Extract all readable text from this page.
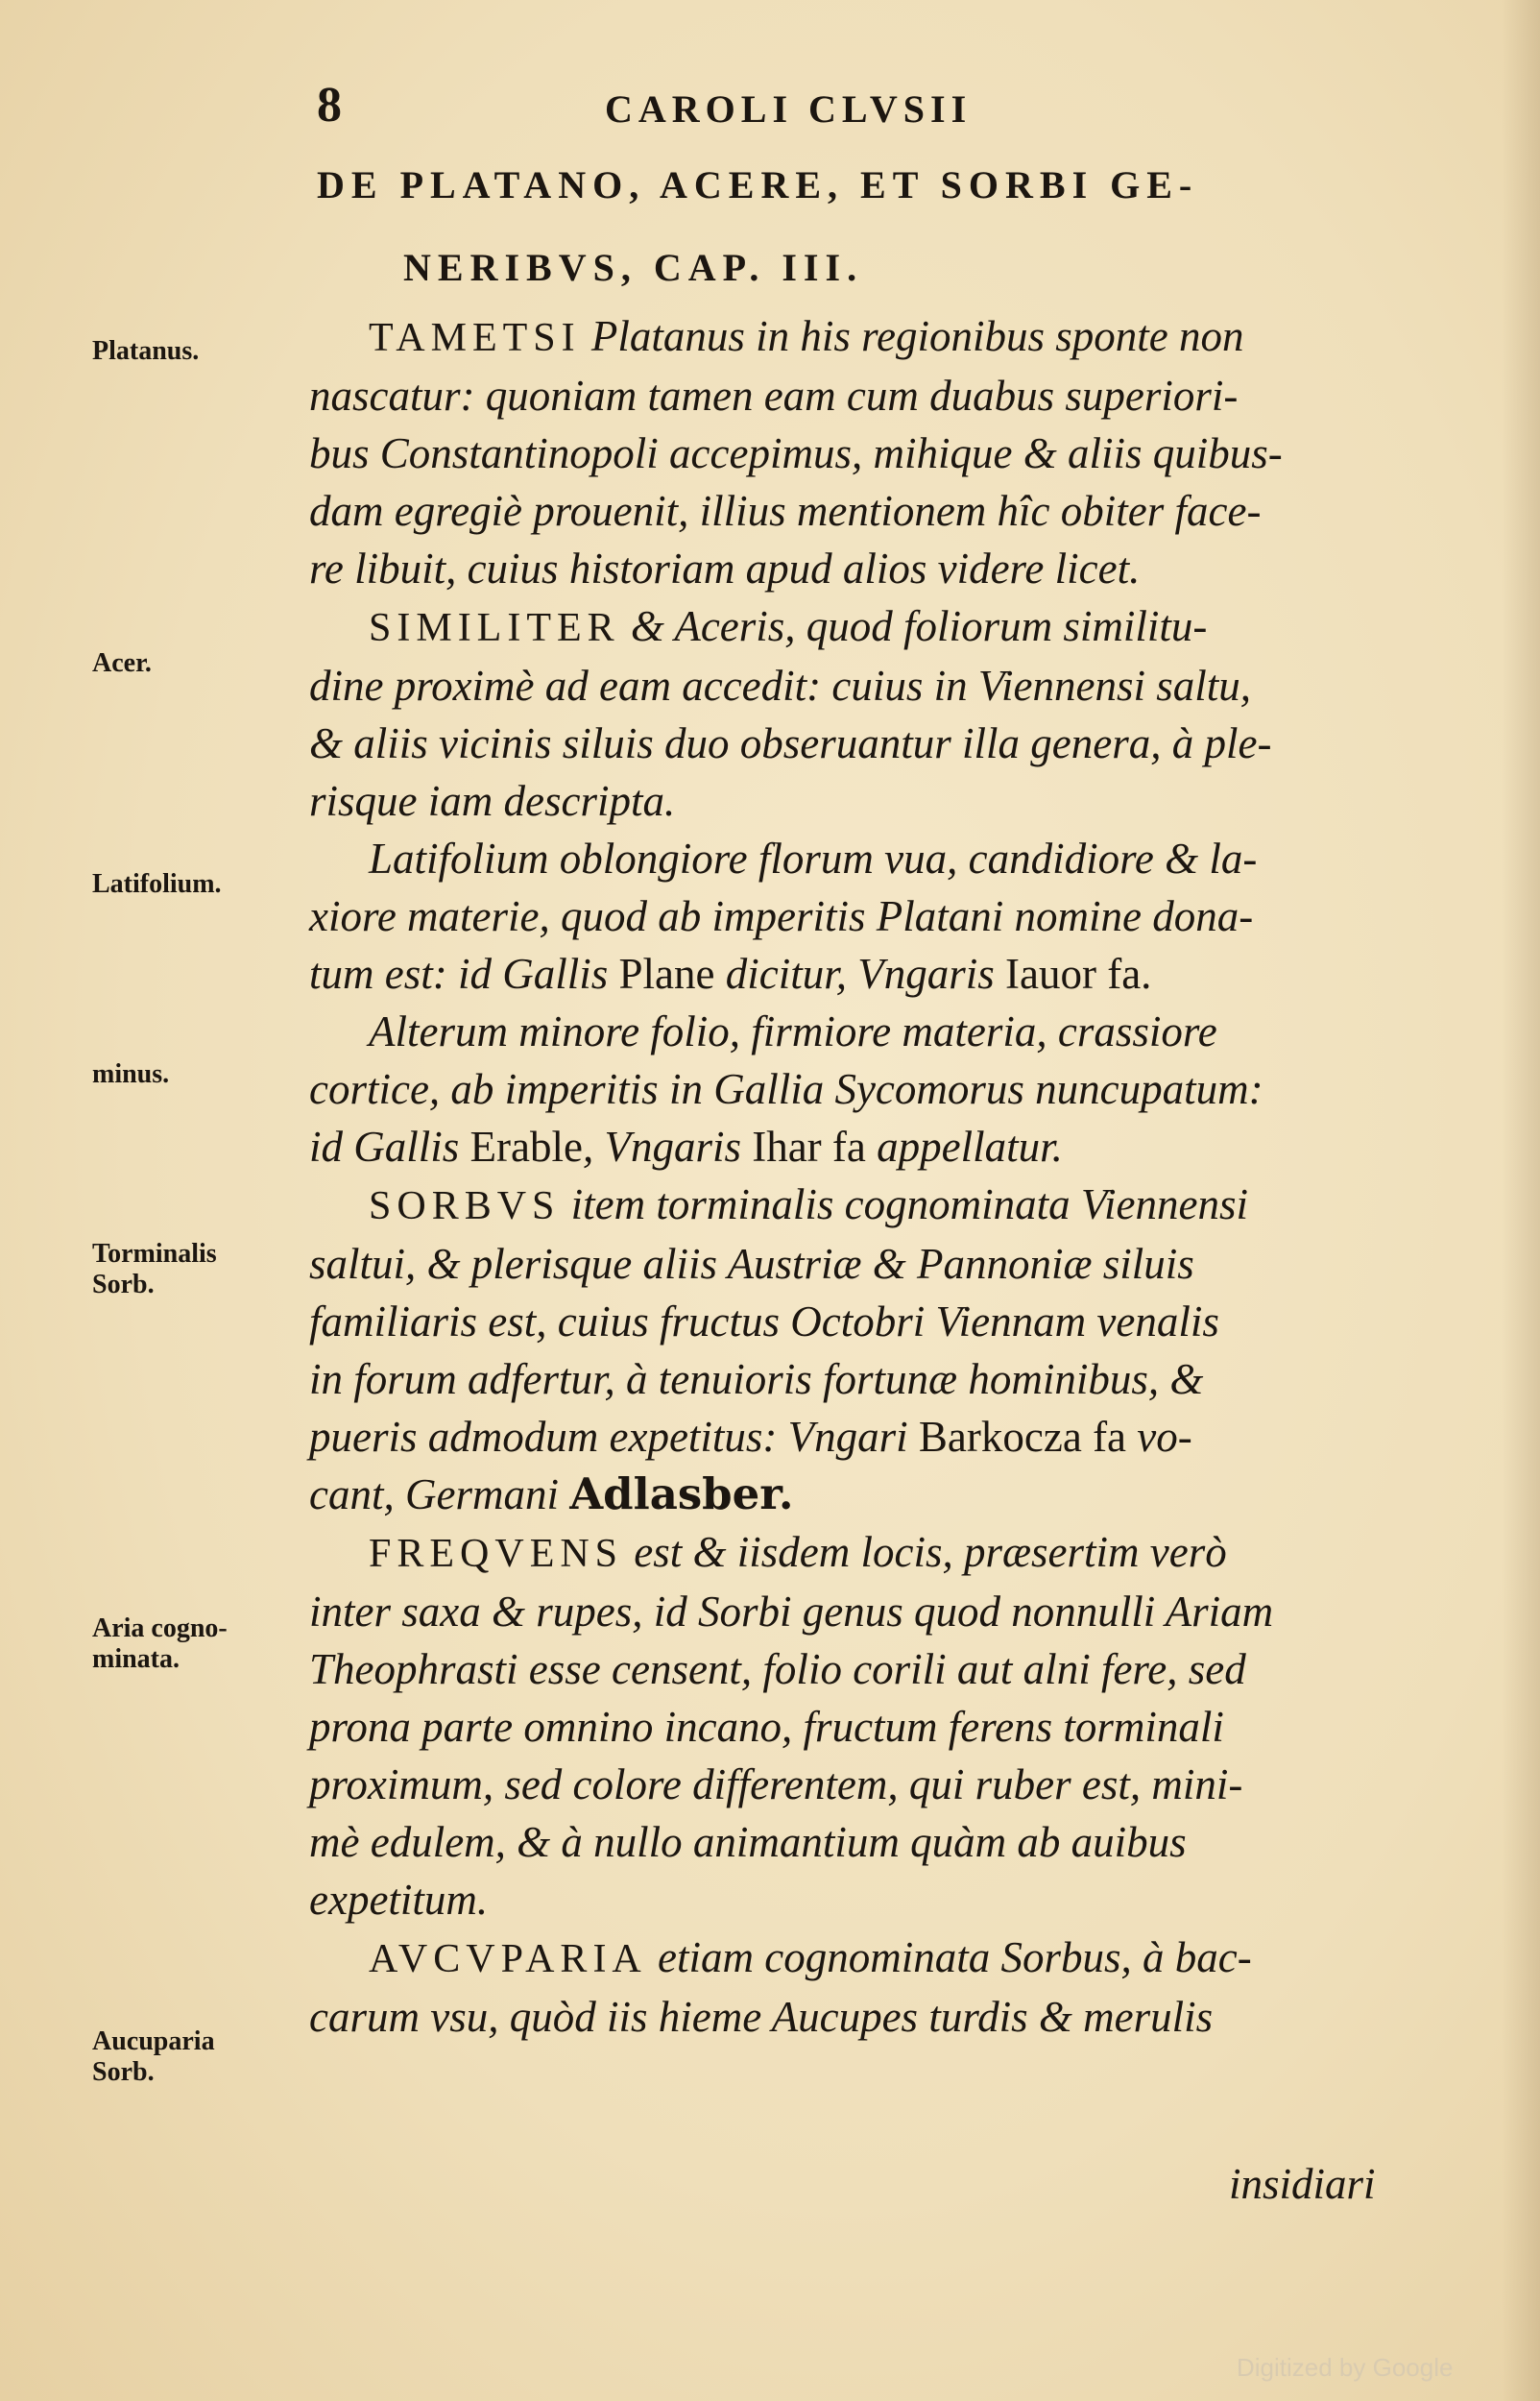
8	CAROLI CLVSII
DE PLATANO, ACERE, ET SORBI GE-
NERIBVS, CAP. III.
Platanus.
Acer.
Latifolium.
minus.
Torminalis Sorb.
Aria cogno- minata.
Aucuparia Sorb.
TAMETSI Platanus in his regionibus sponte non
nascatur: quoniam tamen eam cum duabus superiori-
bus Constantinopoli accepimus, mihique & aliis quibus-
dam egregiè prouenit, illius mentionem hîc obiter face-
re libuit, cuius historiam apud alios videre licet.
SIMILITER & Aceris, quod foliorum similitu-
dine proximè ad eam accedit: cuius in Viennensi saltu,
& aliis vicinis siluis duo obseruantur illa genera, à ple-
risque iam descripta.
Latifolium oblongiore florum vua, candidiore & la-
xiore materie, quod ab imperitis Platani nomine dona-
tum est: id Gallis Plane dicitur, Vngaris Iauor fa.
Alterum minore folio, firmiore materia, crassiore
cortice, ab imperitis in Gallia Sycomorus nuncupatum:
id Gallis Erable, Vngaris Ihar fa appellatur.
SORBVS item torminalis cognominata Viennensi
saltui, & plerisque aliis Austriæ & Pannoniæ siluis
familiaris est, cuius fructus Octobri Viennam venalis
in forum adfertur, à tenuioris fortunæ hominibus, &
pueris admodum expetitus: Vngari Barkocza fa vo-
cant, Germani Adlasber.
FREQVENS est & iisdem locis, præsertim verò
inter saxa & rupes, id Sorbi genus quod nonnulli Ariam
Theophrasti esse censent, folio corili aut alni fere, sed
prona parte omnino incano, fructum ferens torminali
proximum, sed colore differentem, qui ruber est, mini-
mè edulem, & à nullo animantium quàm ab auibus
expetitum.
AVCVPARIA etiam cognominata Sorbus, à bac-
carum vsu, quòd iis hieme Aucupes turdis & merulis
insidiari
Digitized by Google
